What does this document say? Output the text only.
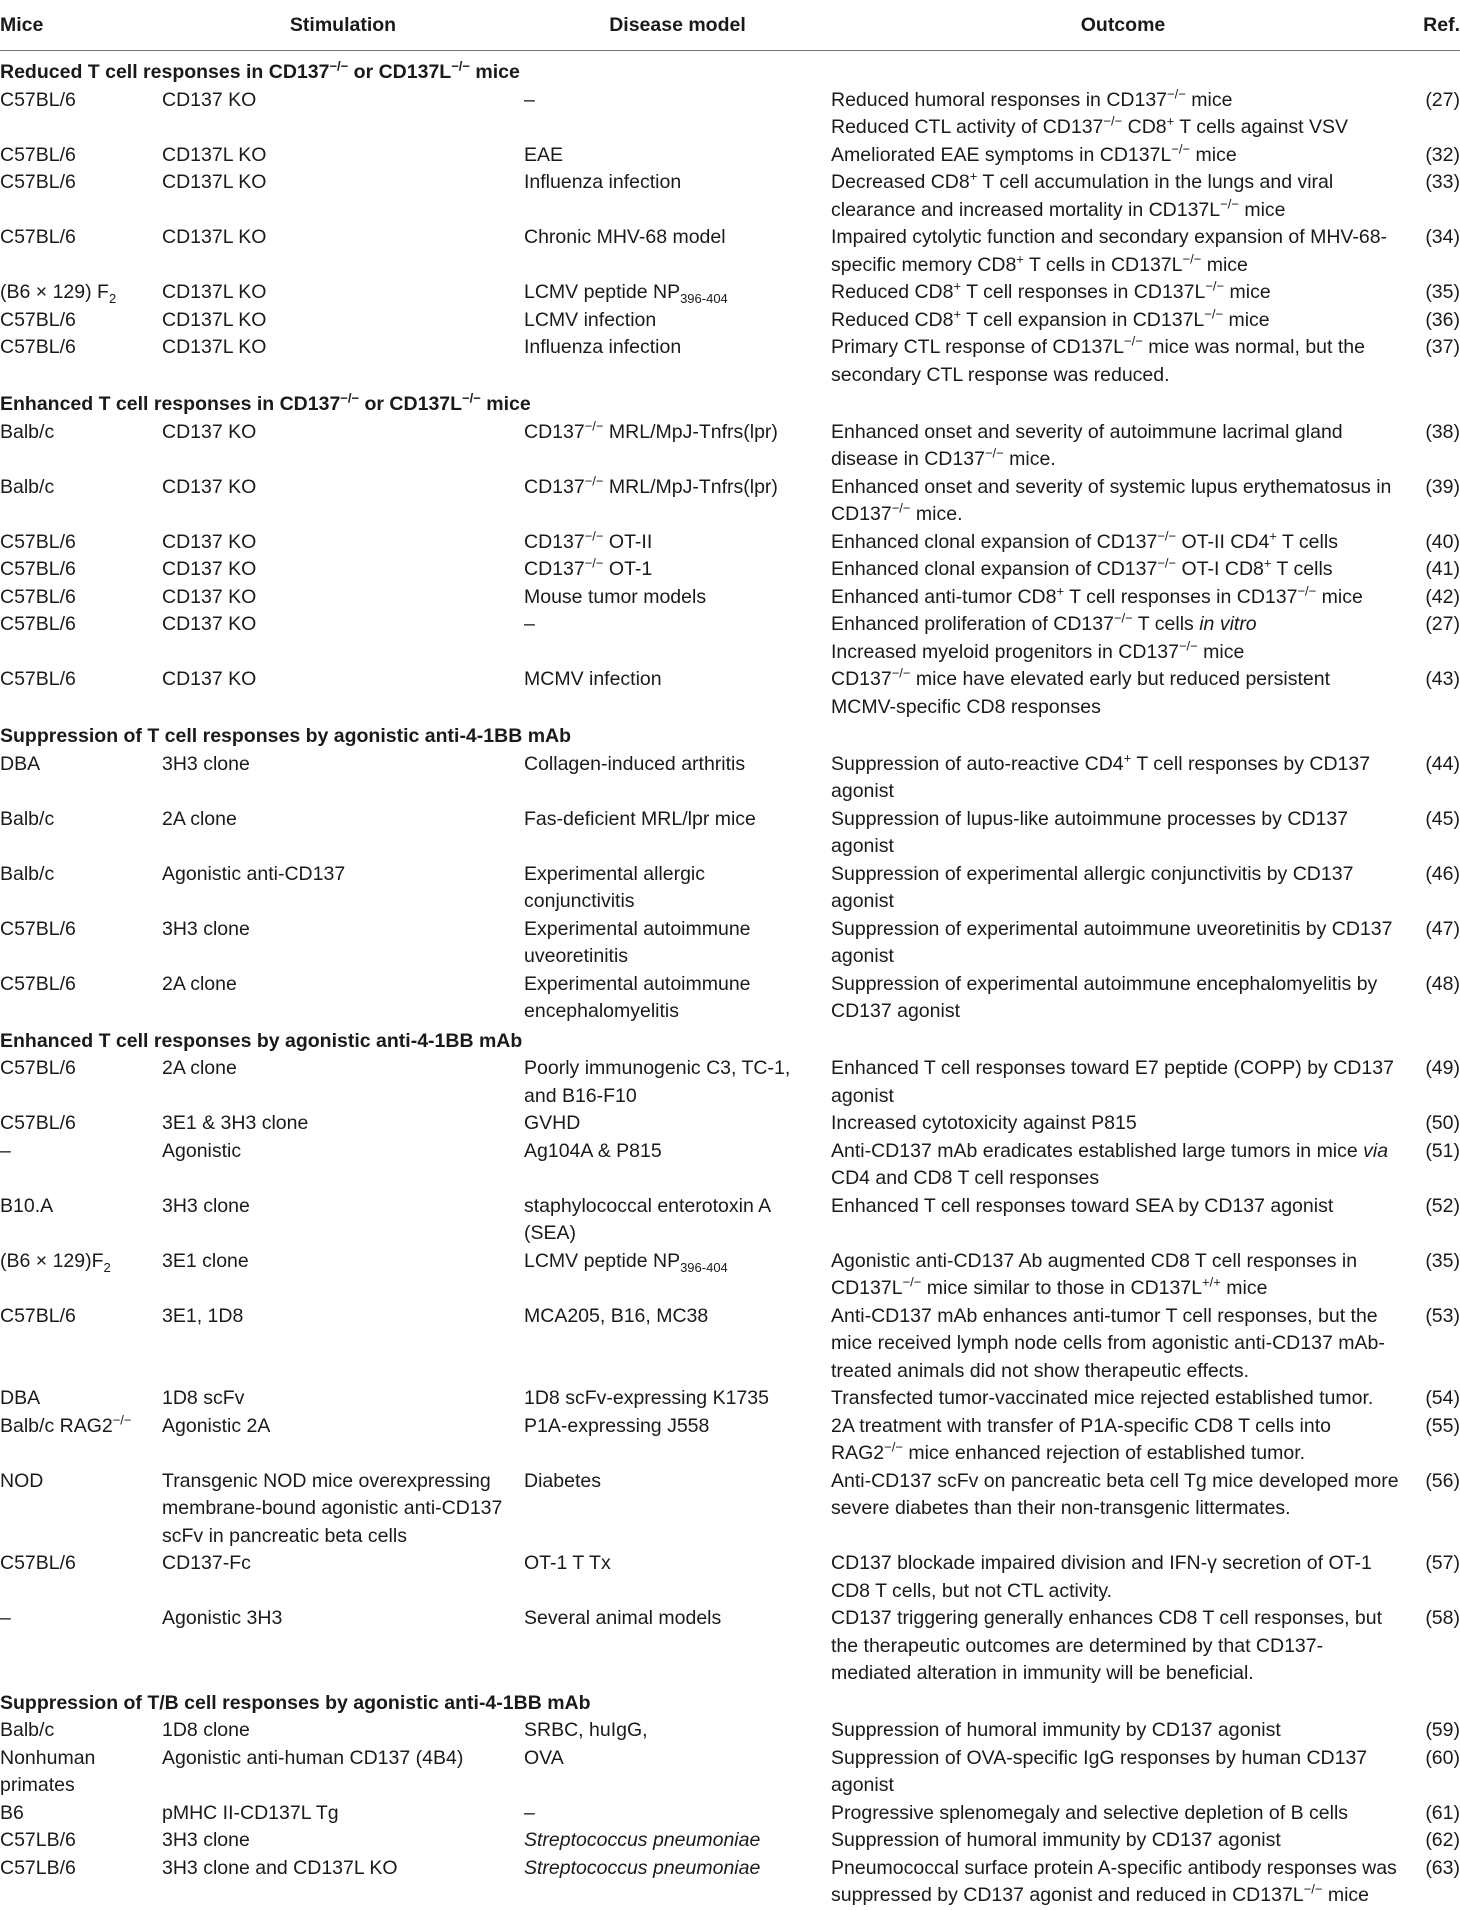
Mice	Stimulation	Disease model	Outcome	Ref.
Reduced T cell responses in CD137−/− or CD137L−/− mice				
C57BL/6	CD137 KO	–	Reduced humoral responses in CD137−/− mice
Reduced CTL activity of CD137−/− CD8+ T cells against VSV	(27)
C57BL/6	CD137L KO	EAE	Ameliorated EAE symptoms in CD137L−/− mice	(32)
C57BL/6	CD137L KO	Influenza infection	Decreased CD8+ T cell accumulation in the lungs and viral
clearance and increased mortality in CD137L−/− mice	(33)
C57BL/6	CD137L KO	Chronic MHV-68 model	Impaired cytolytic function and secondary expansion of MHV-68-
specific memory CD8+ T cells in CD137L−/− mice	(34)
(B6 × 129) $F_2$	CD137L KO	LCMV peptide $NP_{396-404}$	Reduced CD8+ T cell responses in CD137L−/− mice	(35)
C57BL/6	CD137L KO	LCMV infection	Reduced CD8+ T cell expansion in CD137L−/− mice	(36)
C57BL/6	CD137L KO	Influenza infection	Primary CTL response of CD137L−/− mice was normal, but the
secondary CTL response was reduced.	(37)
Enhanced T cell responses in CD137−/− or CD137L−/− mice				
Balb/c	CD137 KO	CD137−/− MRL/MpJ-Tnfrs(lpr)	Enhanced onset and severity of autoimmune lacrimal gland
disease in CD137−/− mice.	(38)
Balb/c	CD137 KO	CD137−/− MRL/MpJ-Tnfrs(lpr)	Enhanced onset and severity of systemic lupus erythematosus in
CD137−/− mice.	(39)
C57BL/6	CD137 KO	CD137−/− OT-II	Enhanced clonal expansion of CD137−/− OT-II CD4+ T cells	(40)
C57BL/6	CD137 KO	CD137−/− OT-1	Enhanced clonal expansion of CD137−/− OT-I CD8+ T cells	(41)
C57BL/6	CD137 KO	Mouse tumor models	Enhanced anti-tumor CD8+ T cell responses in CD137−/− mice	(42)
C57BL/6	CD137 KO	–	Enhanced proliferation of CD137−/− T cells in vitro
Increased myeloid progenitors in CD137−/− mice	(27)
C57BL/6	CD137 KO	MCMV infection	CD137−/− mice have elevated early but reduced persistent
MCMV-specific CD8 responses	(43)
Suppression of T cell responses by agonistic anti-4-1BB mAb				
DBA	3H3 clone	Collagen-induced arthritis	Suppression of auto-reactive CD4+ T cell responses by CD137
agonist	(44)
Balb/c	2A clone	Fas-deficient MRL/lpr mice	Suppression of lupus-like autoimmune processes by CD137
agonist	(45)
Balb/c	Agonistic anti-CD137	Experimental allergic
conjunctivitis	Suppression of experimental allergic conjunctivitis by CD137
agonist	(46)
C57BL/6	3H3 clone	Experimental autoimmune
uveoretinitis	Suppression of experimental autoimmune uveoretinitis by CD137
agonist	(47)
C57BL/6	2A clone	Experimental autoimmune
encephalomyelitis	Suppression of experimental autoimmune encephalomyelitis by
CD137 agonist	(48)
Enhanced T cell responses by agonistic anti-4-1BB mAb				
C57BL/6	2A clone	Poorly immunogenic C3, TC-1,
and B16-F10	Enhanced T cell responses toward E7 peptide (COPP) by CD137
agonist	(49)
C57BL/6	3E1 & 3H3 clone	GVHD	Increased cytotoxicity against P815	(50)
–	Agonistic	Ag104A & P815	Anti-CD137 mAb eradicates established large tumors in mice via
CD4 and CD8 T cell responses	(51)
B10.A	3H3 clone	staphylococcal enterotoxin A
(SEA)	Enhanced T cell responses toward SEA by CD137 agonist	(52)
$(B6 \times 129)F_2$	3E1 clone	LCMV peptide $NP_{396-404}$	Agonistic anti-CD137 Ab augmented CD8 T cell responses in
CD137L−/− mice similar to those in CD137L+/+ mice	(35)
C57BL/6	3E1, 1D8	MCA205, B16, MC38	Anti-CD137 mAb enhances anti-tumor T cell responses, but the
mice received lymph node cells from agonistic anti-CD137 mAb-
treated animals did not show therapeutic effects.	(53)
DBA	1D8 scFv	1D8 scFv-expressing K1735	Transfected tumor-vaccinated mice rejected established tumor.	(54)
Balb/c RAG2−/−	Agonistic 2A	P1A-expressing J558	2A treatment with transfer of P1A-specific CD8 T cells into
RAG2−/− mice enhanced rejection of established tumor.	(55)
NOD	Transgenic NOD mice overexpressing
membrane-bound agonistic anti-CD137
scFv in pancreatic beta cells	Diabetes	Anti-CD137 scFv on pancreatic beta cell Tg mice developed more
severe diabetes than their non-transgenic littermates.	(56)
C57BL/6	CD137-Fc	OT-1 T Tx	CD137 blockade impaired division and IFN-γ secretion of OT-1
CD8 T cells, but not CTL activity.	(57)
–	Agonistic 3H3	Several animal models	CD137 triggering generally enhances CD8 T cell responses, but
the therapeutic outcomes are determined by that CD137-
mediated alteration in immunity will be beneficial.	(58)
Suppression of T/B cell responses by agonistic anti-4-1BB mAb				
Balb/c	1D8 clone	SRBC, huIgG,	Suppression of humoral immunity by CD137 agonist	(59)
Nonhuman
primates	Agonistic anti-human CD137 (4B4)	OVA	Suppression of OVA-specific IgG responses by human CD137
agonist	(60)
B6	pMHC II-CD137L Tg	–	Progressive splenomegaly and selective depletion of B cells	(61)
C57LB/6	3H3 clone	Streptococcus pneumoniae	Suppression of humoral immunity by CD137 agonist	(62)
C57LB/6	3H3 clone and CD137L KO	Streptococcus pneumoniae	Pneumococcal surface protein A-specific antibody responses was
suppressed by CD137 agonist and reduced in CD137L−/− mice	(63)
